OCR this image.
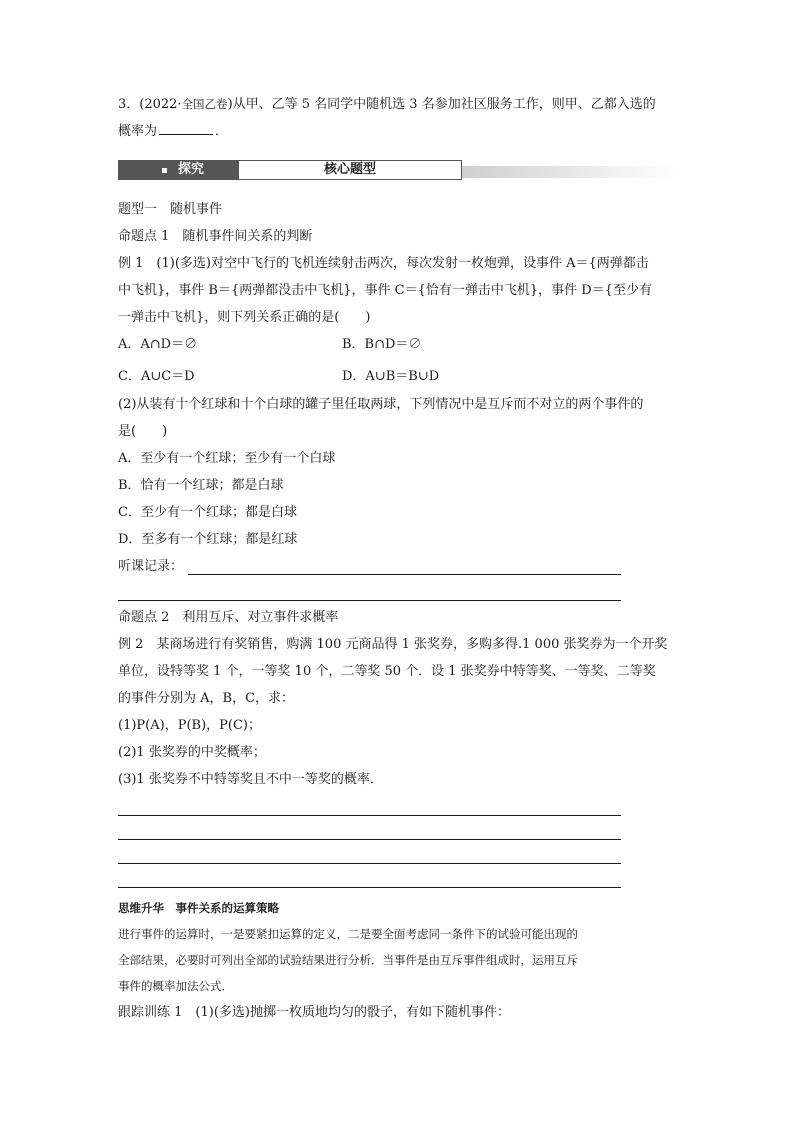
3．(2022·全国乙卷)从甲、乙等 5 名同学中随机选 3 名参加社区服务工作，则甲、乙都入选的
概率为	．
探究	核心题型
题型一　随机事件
命题点 1　随机事件间关系的判断
例 1　(1)(多选)对空中飞行的飞机连续射击两次，每次发射一枚炮弹，设事件 A＝{两弹都击
中飞机}，事件 B＝{两弹都没击中飞机}，事件 C＝{恰有一弹击中飞机}，事件 D＝{至少有
一弹击中飞机}，则下列关系正确的是(　　)
A．A∩D＝∅	B．B∩D＝∅
C．A∪C＝D	D．A∪B＝B∪D
(2)从装有十个红球和十个白球的罐子里任取两球，下列情况中是互斥而不对立的两个事件的
是(　　)
A．至少有一个红球；至少有一个白球
B．恰有一个红球；都是白球
C．至少有一个红球；都是白球
D．至多有一个红球；都是红球
听课记录：
命题点 2　利用互斥、对立事件求概率
例 2　某商场进行有奖销售，购满 100 元商品得 1 张奖券，多购多得.1 000 张奖券为一个开奖
单位，设特等奖 1 个，一等奖 10 个，二等奖 50 个．设 1 张奖券中特等奖、一等奖、二等奖
的事件分别为 A，B，C，求：
(1)P(A)，P(B)，P(C)；
(2)1 张奖券的中奖概率；
(3)1 张奖券不中特等奖且不中一等奖的概率．
思维升华　事件关系的运算策略
进行事件的运算时，一是要紧扣运算的定义，二是要全面考虑同一条件下的试验可能出现的
全部结果，必要时可列出全部的试验结果进行分析．当事件是由互斥事件组成时，运用互斥
事件的概率加法公式．
跟踪训练 1　(1)(多选)抛掷一枚质地均匀的骰子，有如下随机事件：
